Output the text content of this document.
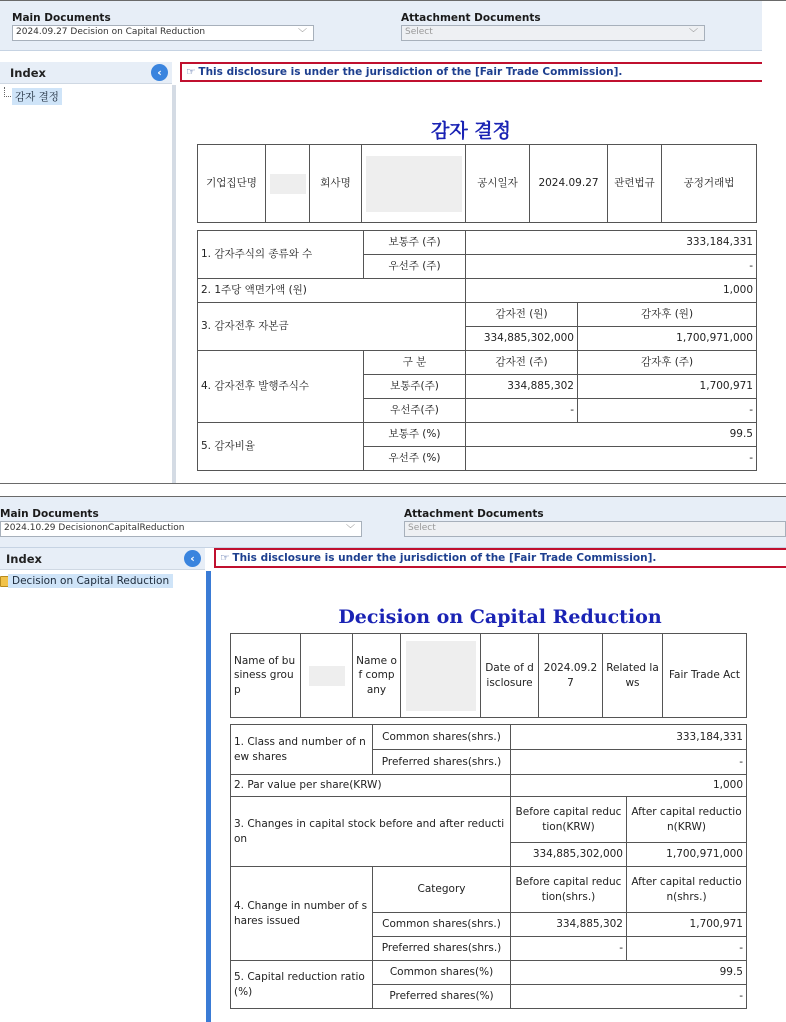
Main Documents
2024.09.27 Decision on Capital Reduction	﹀
Attachment Documents
Select	﹀
Index	‹
감자 결정
☞ This disclosure is under the jurisdiction of the [Fair Trade Commission].
감자 결정
기업집단명		회사명		공시일자	2024.09.27	관련법규	공정거래법
1. 감자주식의 종류와 수	보통주 (주)	333,184,331	
	우선주 (주)	-	
2. 1주당 액면가액 (원)		1,000	
3. 감자전후 자본금		감자전 (원)	감자후 (원)
		334,885,302,000	1,700,971,000
4. 감자전후 발행주식수	구 분	감자전 (주)	감자후 (주)
	보통주(주)	334,885,302	1,700,971
	우선주(주)	-	-
5. 감자비율	보통주 (%)	99.5	
	우선주 (%)	-	
Main Documents
2024.10.29 DecisiononCapitalReduction	﹀
Attachment Documents
Select
Index	‹
Decision on Capital Reduction
☞ This disclosure is under the jurisdiction of the [Fair Trade Commission].
Decision on Capital Reduction
Name of business group		Name of company		Date of disclosure	2024.09.27	Related laws	Fair Trade Act
1. Class and number of new shares	Common shares(shrs.)	333,184,331	
	Preferred shares(shrs.)	-	
2. Par value per share(KRW)		1,000	
3. Changes in capital stock before and after reduction		Before capital reduction(KRW)	After capital reduction(KRW)
		334,885,302,000	1,700,971,000
4. Change in number of shares issued	Category	Before capital reduction(shrs.)	After capital reduction(shrs.)
	Common shares(shrs.)	334,885,302	1,700,971
	Preferred shares(shrs.)	-	-
5. Capital reduction ratio(%)	Common shares(%)	99.5	
	Preferred shares(%)	-	
